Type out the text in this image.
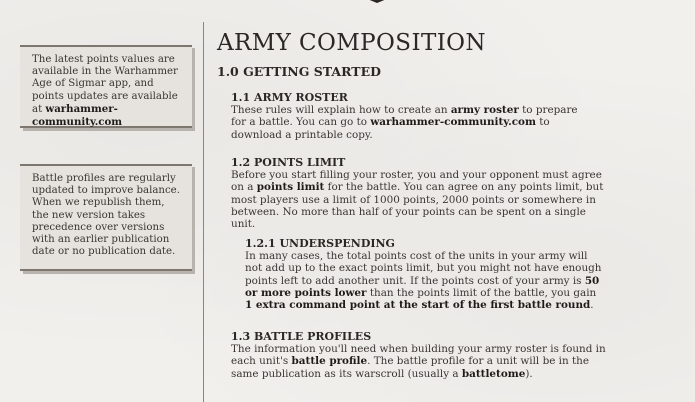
The latest points values are available in the Warhammer Age of Sigmar app, and points updates are available at warhammer-community.com
Battle profiles are regularly updated to improve balance. When we republish them, the new version takes precedence over versions with an earlier publication date or no publication date.
ARMY COMPOSITION
1.0 GETTING STARTED
1.1 ARMY ROSTER

These rules will explain how to create an army roster to prepare for a battle. You can go to warhammer-community.com to download a printable copy.

1.2 POINTS LIMIT

Before you start filling your roster, you and your opponent must agree on a points limit for the battle. You can agree on any points limit, but most players use a limit of 1000 points, 2000 points or somewhere in between. No more than half of your points can be spent on a single unit.

1.2.1 UNDERSPENDING

In many cases, the total points cost of the units in your army will not add up to the exact points limit, but you might not have enough points left to add another unit. If the points cost of your army is 50 or more points lower than the points limit of the battle, you gain 1 extra command point at the start of the first battle round.

1.3 BATTLE PROFILES

The information you'll need when building your army roster is found in each unit's battle profile. The battle profile for a unit will be in the same publication as its warscroll (usually a battletome).
